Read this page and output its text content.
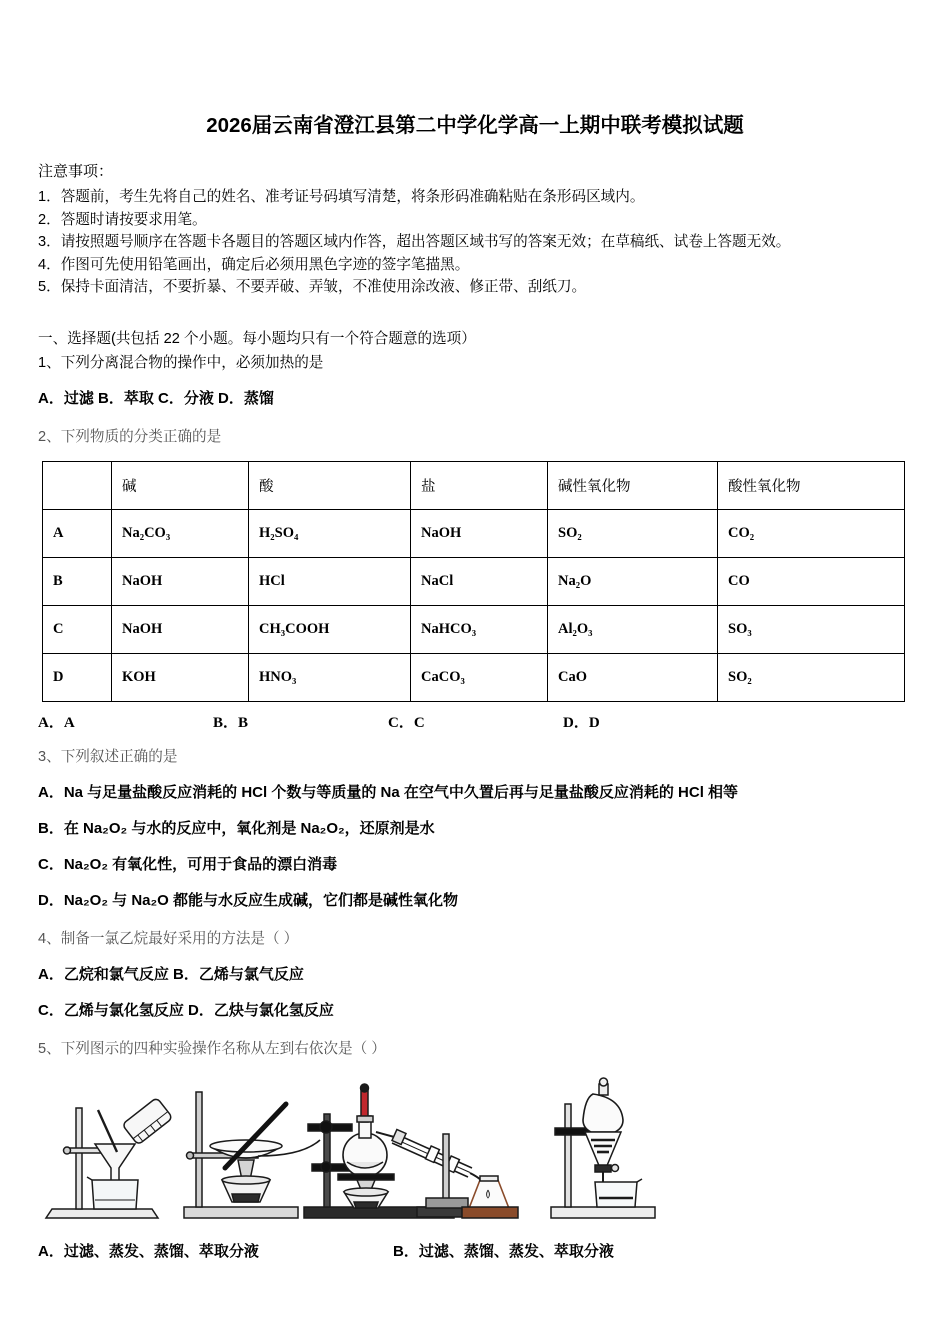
2026届云南省澄江县第二中学化学高一上期中联考模拟试题

注意事项：

1．答题前，考生先将自己的姓名、准考证号码填写清楚，将条形码准确粘贴在条形码区域内。

2．答题时请按要求用笔。

3．请按照题号顺序在答题卡各题目的答题区域内作答，超出答题区域书写的答案无效；在草稿纸、试卷上答题无效。

4．作图可先使用铅笔画出，确定后必须用黑色字迹的签字笔描黑。

5．保持卡面清洁，不要折暴、不要弄破、弄皱，不准使用涂改液、修正带、刮纸刀。

一、选择题(共包括 22 个小题。每小题均只有一个符合题意的选项）

1、下列分离混合物的操作中，必须加热的是

A．过滤 B．萃取 C．分液 D．蒸馏

2、下列物质的分类正确的是

	碱	酸	盐	碱性氧化物	酸性氧化物
A	Na₂CO₃	H₂SO₄	NaOH	SO₂	CO₂
B	NaOH	HCl	NaCl	Na₂O	CO
C	NaOH	CH₃COOH	NaHCO₃	Al₂O₃	SO₃
D	KOH	HNO₃	CaCO₃	CaO	SO₂
A．A	B．B	C．C	D．D

3、下列叙述正确的是

A．Na 与足量盐酸反应消耗的 HCl 个数与等质量的 Na 在空气中久置后再与足量盐酸反应消耗的 HCl 相等

B．在 Na₂O₂ 与水的反应中，氧化剂是 Na₂O₂，还原剂是水

C．Na₂O₂ 有氧化性，可用于食品的漂白消毒

D．Na₂O₂ 与 Na₂O 都能与水反应生成碱，它们都是碱性氧化物

4、制备一氯乙烷最好采用的方法是（ ）

A．乙烷和氯气反应 B．乙烯与氯气反应

C．乙烯与氯化氢反应 D．乙炔与氯化氢反应

5、下列图示的四种实验操作名称从左到右依次是（ ）

A．过滤、蒸发、蒸馏、萃取分液	B．过滤、蒸馏、蒸发、萃取分液
